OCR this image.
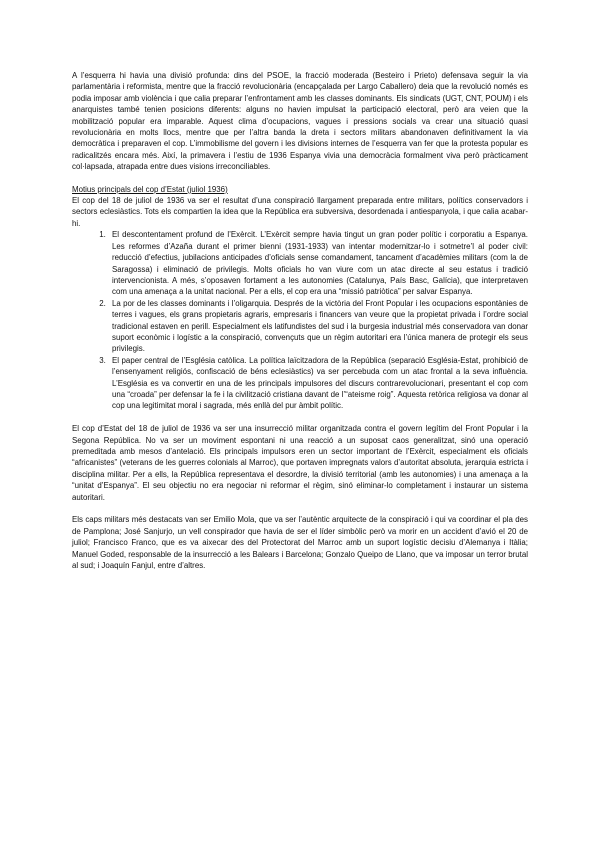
A l’esquerra hi havia una divisió profunda: dins del PSOE, la fracció moderada (Besteiro i Prieto) defensava seguir la via parlamentària i reformista, mentre que la fracció revolucionària (encapçalada per Largo Caballero) deia que la revolució només es podia imposar amb violència i que calia preparar l’enfrontament amb les classes dominants. Els sindicats (UGT, CNT, POUM) i els anarquistes també tenien posicions diferents: alguns no havien impulsat la participació electoral, però ara veien que la mobilització popular era imparable. Aquest clima d’ocupacions, vagues i pressions socials va crear una situació quasi revolucionària en molts llocs, mentre que per l’altra banda la dreta i sectors militars abandonaven definitivament la via democràtica i preparaven el cop. L’immobilisme del govern i les divisions internes de l’esquerra van fer que la protesta popular es radicalitzés encara més. Així, la primavera i l’estiu de 1936 Espanya vivia una democràcia formalment viva però pràcticament col·lapsada, atrapada entre dues visions irreconciliables.

Motius principals del cop d’Estat (juliol 1936)

El cop del 18 de juliol de 1936 va ser el resultat d’una conspiració llargament preparada entre militars, polítics conservadors i sectors eclesiàstics. Tots els compartien la idea que la República era subversiva, desordenada i antiespanyola, i que calia acabar-hi.

1. El descontentament profund de l’Exèrcit. L’Exèrcit sempre havia tingut un gran poder polític i corporatiu a Espanya. Les reformes d’Azaña durant el primer bienni (1931-1933) van intentar modernitzar-lo i sotmetre’l al poder civil: reducció d’efectius, jubilacions anticipades d’oficials sense comandament, tancament d’acadèmies militars (com la de Saragossa) i eliminació de privilegis. Molts oficials ho van viure com un atac directe al seu estatus i tradició intervencionista. A més, s’oposaven fortament a les autonomies (Catalunya, País Basc, Galícia), que interpretaven com una amenaça a la unitat nacional. Per a ells, el cop era una “missió patriòtica” per salvar Espanya.
2. La por de les classes dominants i l’oligarquia. Després de la victòria del Front Popular i les ocupacions espontànies de terres i vagues, els grans propietaris agraris, empresaris i financers van veure que la propietat privada i l’ordre social tradicional estaven en perill. Especialment els latifundistes del sud i la burgesia industrial més conservadora van donar suport econòmic i logístic a la conspiració, convençuts que un règim autoritari era l’única manera de protegir els seus privilegis.
3. El paper central de l’Església catòlica. La política laïcitzadora de la República (separació Església-Estat, prohibició de l’ensenyament religiós, confiscació de béns eclesiàstics) va ser percebuda com un atac frontal a la seva influència. L’Església es va convertir en una de les principals impulsores del discurs contrarevolucionari, presentant el cop com una “croada” per defensar la fe i la civilització cristiana davant de l’“ateisme roig”. Aquesta retòrica religiosa va donar al cop una legitimitat moral i sagrada, més enllà del pur àmbit polític.

El cop d’Estat del 18 de juliol de 1936 va ser una insurrecció militar organitzada contra el govern legítim del Front Popular i la Segona República. No va ser un moviment espontani ni una reacció a un suposat caos generalitzat, sinó una operació premeditada amb mesos d’antelació. Els principals impulsors eren un sector important de l’Exèrcit, especialment els oficials “africanistes” (veterans de les guerres colonials al Marroc), que portaven impregnats valors d’autoritat absoluta, jerarquia estricta i disciplina militar. Per a ells, la República representava el desordre, la divisió territorial (amb les autonomies) i una amenaça a la “unitat d’Espanya”. El seu objectiu no era negociar ni reformar el règim, sinó eliminar-lo completament i instaurar un sistema autoritari.

Els caps militars més destacats van ser Emilio Mola, que va ser l’autèntic arquitecte de la conspiració i qui va coordinar el pla des de Pamplona; José Sanjurjo, un vell conspirador que havia de ser el líder simbòlic però va morir en un accident d’avió el 20 de juliol; Francisco Franco, que es va aixecar des del Protectorat del Marroc amb un suport logístic decisiu d’Alemanya i Itàlia; Manuel Goded, responsable de la insurrecció a les Balears i Barcelona; Gonzalo Queipo de Llano, que va imposar un terror brutal al sud; i Joaquín Fanjul, entre d’altres.
